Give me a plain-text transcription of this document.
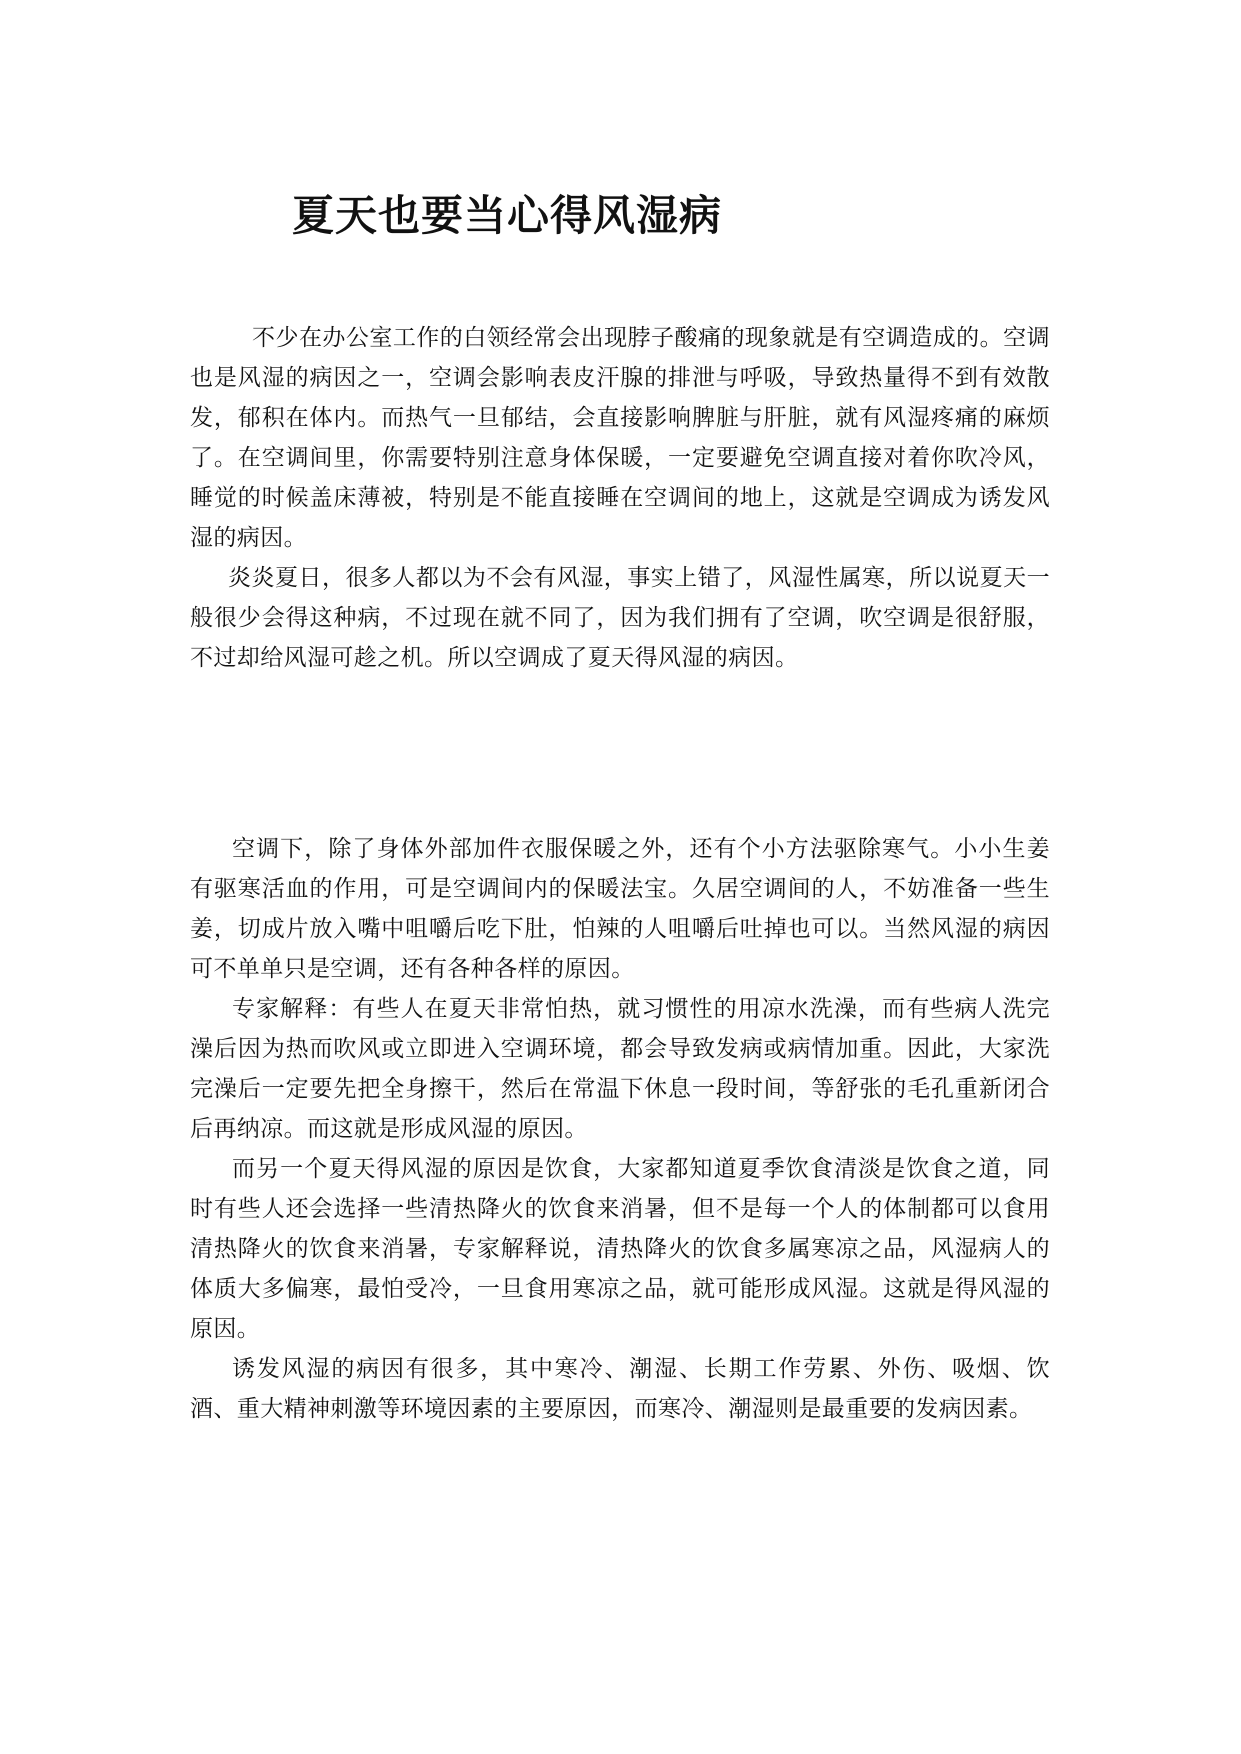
夏天也要当心得风湿病

不少在办公室工作的白领经常会出现脖子酸痛的现象就是有空调造成的。空调也是风湿的病因之一，空调会影响表皮汗腺的排泄与呼吸，导致热量得不到有效散发，郁积在体内。而热气一旦郁结，会直接影响脾脏与肝脏，就有风湿疼痛的麻烦了。在空调间里，你需要特别注意身体保暖，一定要避免空调直接对着你吹冷风，睡觉的时候盖床薄被，特别是不能直接睡在空调间的地上，这就是空调成为诱发风湿的病因。

炎炎夏日，很多人都以为不会有风湿，事实上错了，风湿性属寒，所以说夏天一般很少会得这种病，不过现在就不同了，因为我们拥有了空调，吹空调是很舒服，不过却给风湿可趁之机。所以空调成了夏天得风湿的病因。

空调下，除了身体外部加件衣服保暖之外，还有个小方法驱除寒气。小小生姜有驱寒活血的作用，可是空调间内的保暖法宝。久居空调间的人，不妨准备一些生姜，切成片放入嘴中咀嚼后吃下肚，怕辣的人咀嚼后吐掉也可以。当然风湿的病因可不单单只是空调，还有各种各样的原因。

专家解释：有些人在夏天非常怕热，就习惯性的用凉水洗澡，而有些病人洗完澡后因为热而吹风或立即进入空调环境，都会导致发病或病情加重。因此，大家洗完澡后一定要先把全身擦干，然后在常温下休息一段时间，等舒张的毛孔重新闭合后再纳凉。而这就是形成风湿的原因。

而另一个夏天得风湿的原因是饮食，大家都知道夏季饮食清淡是饮食之道，同时有些人还会选择一些清热降火的饮食来消暑，但不是每一个人的体制都可以食用清热降火的饮食来消暑，专家解释说，清热降火的饮食多属寒凉之品，风湿病人的体质大多偏寒，最怕受冷，一旦食用寒凉之品，就可能形成风湿。这就是得风湿的原因。

诱发风湿的病因有很多，其中寒冷、潮湿、长期工作劳累、外伤、吸烟、饮酒、重大精神刺激等环境因素的主要原因，而寒冷、潮湿则是最重要的发病因素。
